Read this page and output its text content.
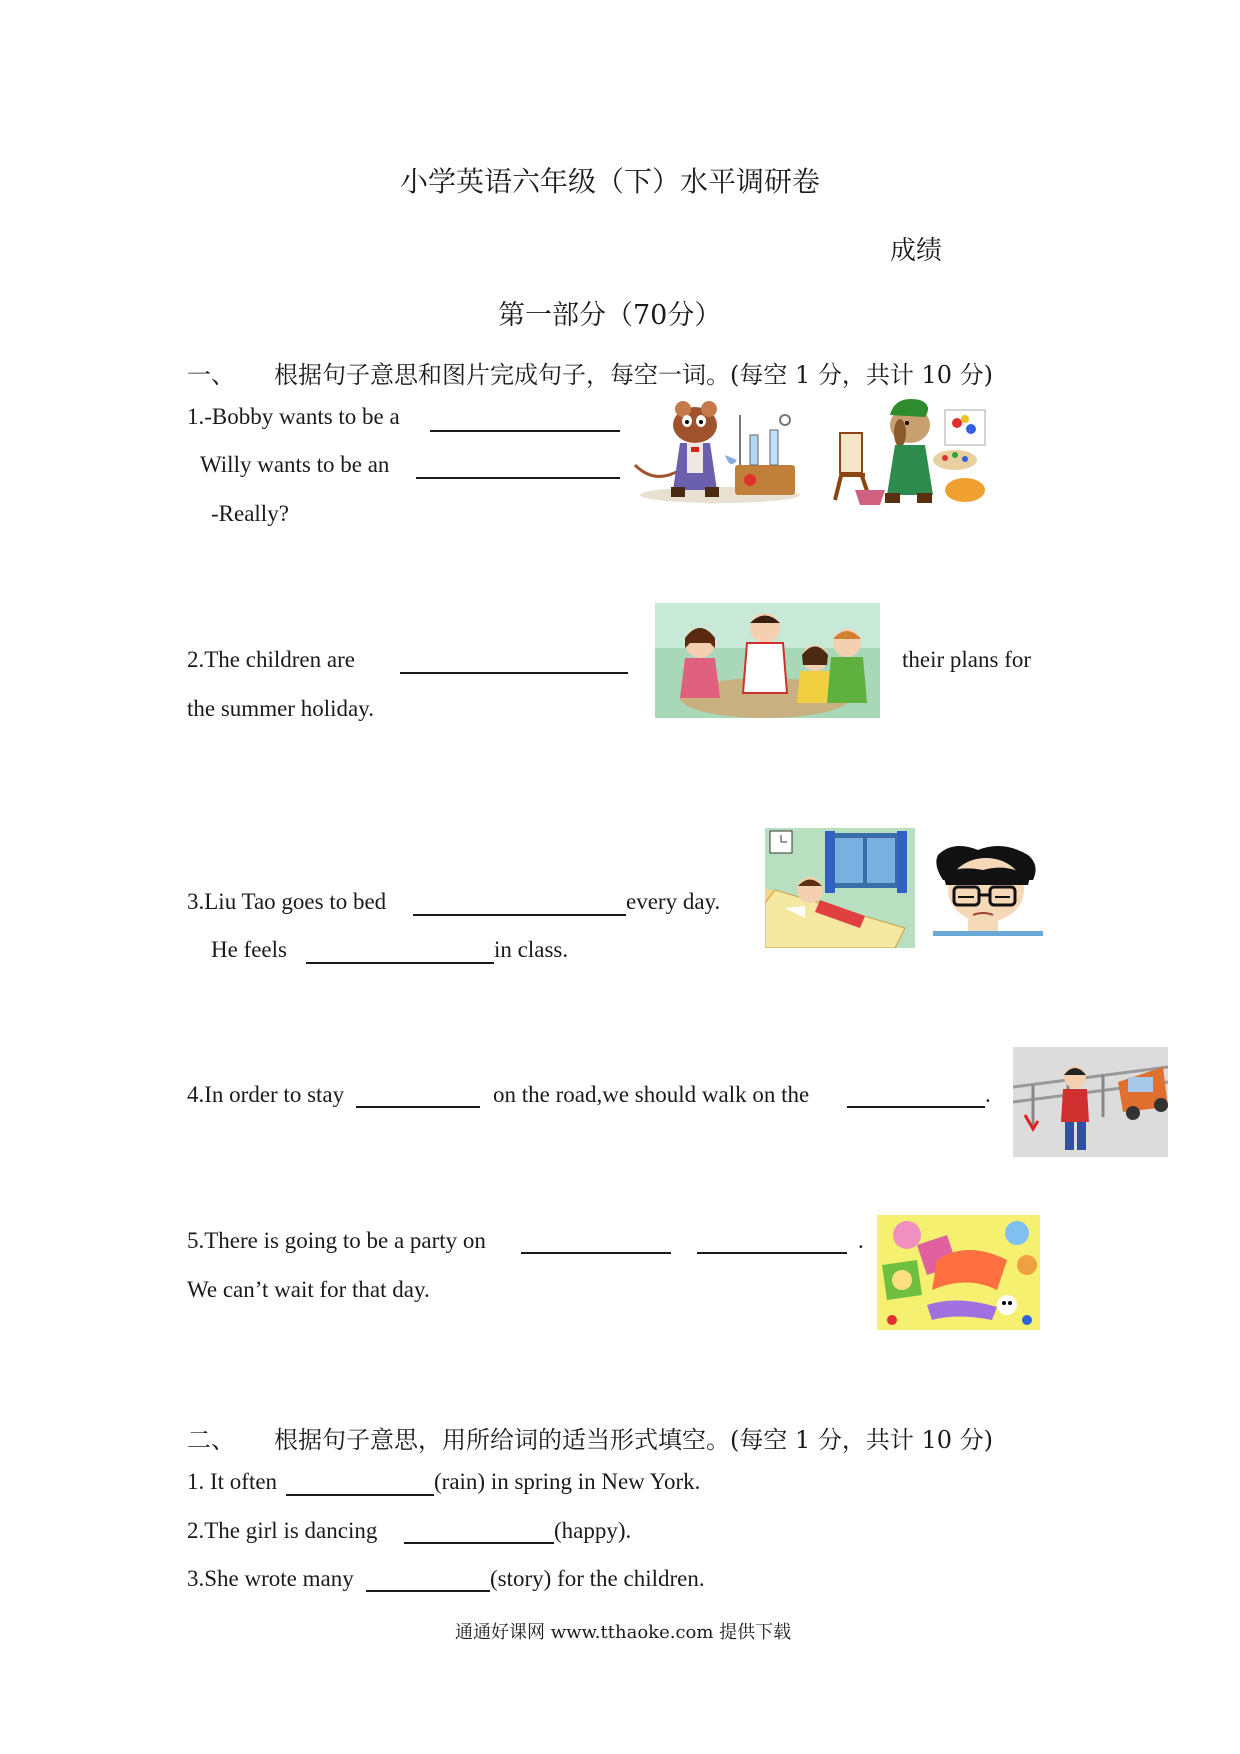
小学英语六年级（下）水平调研卷
成绩
第一部分（70分）
一、 根据句子意思和图片完成句子，每空一词。(每空 1 分，共计 10 分)
1.-Bobby wants to be a
Willy wants to be an
-Really?
2.The children are	their plans for
the summer holiday.
3.Liu Tao goes to bed	every day.
He feels	in class.
4.In order to stay	on the road,we should walk on the	.
5.There is going to be a party on	.
We can’t wait for that day.
二、 根据句子意思，用所给词的适当形式填空。(每空 1 分，共计 10 分)
1. It often	(rain) in spring in New York.
2.The girl is dancing	(happy).
3.She wrote many	(story) for the children.
通通好课网 www.tthaoke.com 提供下载
